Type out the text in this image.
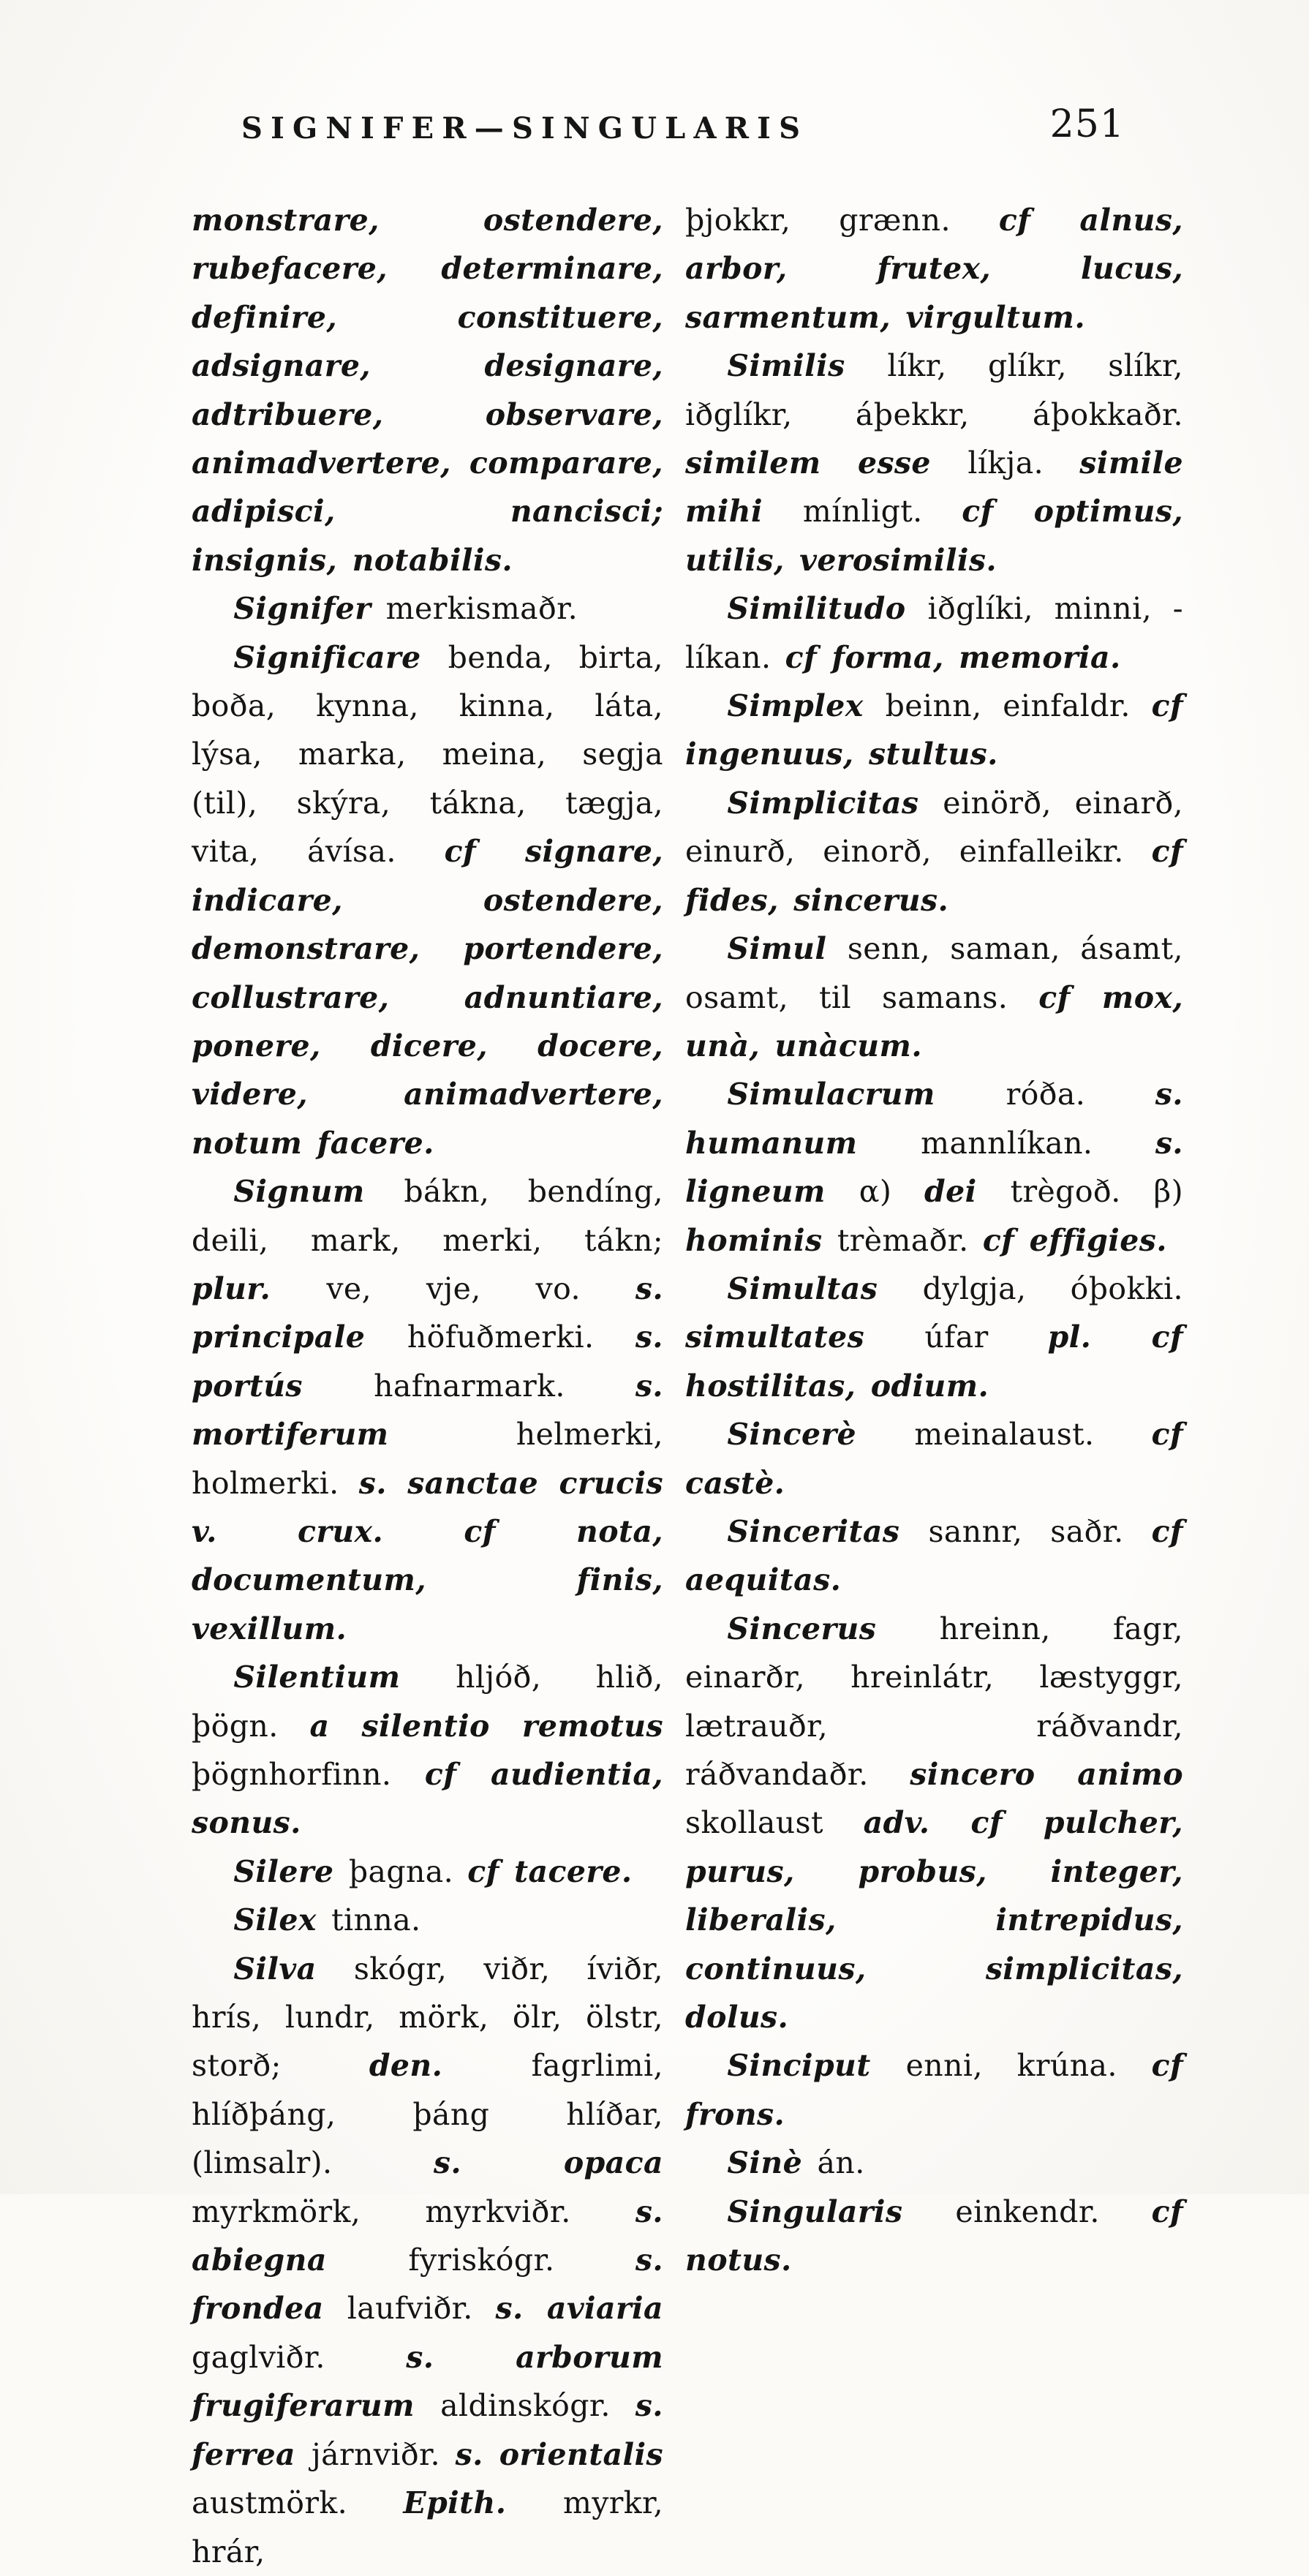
SIGNIFER—SINGULARIS	251

monstrare, ostendere, rubefacere, determinare, definire, constituere, adsignare, designare, adtribuere, observare, animadvertere, comparare, adipisci, nancisci; insignis, notabilis.

Signifer merkismaðr.

Significare benda, birta, boða, kynna, kinna, láta, lýsa, marka, meina, segja (til), skýra, tákna, tægja, vita, ávísa. cf signare, indicare, ostendere, demonstrare, portendere, collustrare, adnuntiare, ponere, dicere, docere, videre, animadvertere, notum facere.

Signum bákn, bendíng, deili, mark, merki, tákn; plur. ve, vje, vo. s. principale höfuðmerki. s. portús hafnarmark. s. mortiferum helmerki, holmerki. s. sanctae crucis v. crux. cf nota, documentum, finis, vexillum.

Silentium hljóð, hlið, þögn. a silentio remotus þögnhorfinn. cf audientia, sonus.

Silere þagna. cf tacere.

Silex tinna.

Silva skógr, viðr, íviðr, hrís, lundr, mörk, ölr, ölstr, storð; den. fagrlimi, hlíðþáng, þáng hlíðar, (limsalr). s. opaca myrkmörk, myrkviðr. s. abiegna fyriskógr. s. frondea laufviðr. s. aviaria gaglviðr. s. arborum frugiferarum aldinskógr. s. ferrea járnviðr. s. orientalis austmörk. Epith. myrkr, hrár,

þjokkr, grænn. cf alnus, arbor, frutex, lucus, sarmentum, virgultum.

Similis líkr, glíkr, slíkr, iðglíkr, áþekkr, áþokkaðr. similem esse líkja. simile mihi mínligt. cf optimus, utilis, verosimilis.

Similitudo iðglíki, minni, -líkan. cf forma, memoria.

Simplex beinn, einfaldr. cf ingenuus, stultus.

Simplicitas einörð, einarð, einurð, einorð, einfalleikr. cf fides, sincerus.

Simul senn, saman, ásamt, osamt, til samans. cf mox, unà, unàcum.

Simulacrum róða. s. humanum mannlíkan. s. ligneum α) dei trègoð. β) hominis trèmaðr. cf effigies.

Simultas dylgja, óþokki. simultates úfar pl. cf hostilitas, odium.

Sincerè meinalaust. cf castè.

Sinceritas sannr, saðr. cf aequitas.

Sincerus hreinn, fagr, einarðr, hreinlátr, læstyggr, lætrauðr, ráðvandr, ráðvandaðr. sincero animo skollaust adv. cf pulcher, purus, probus, integer, liberalis, intrepidus, continuus, simplicitas, dolus.

Sinciput enni, krúna. cf frons.

Sinè án.

Singularis einkendr. cf notus.
